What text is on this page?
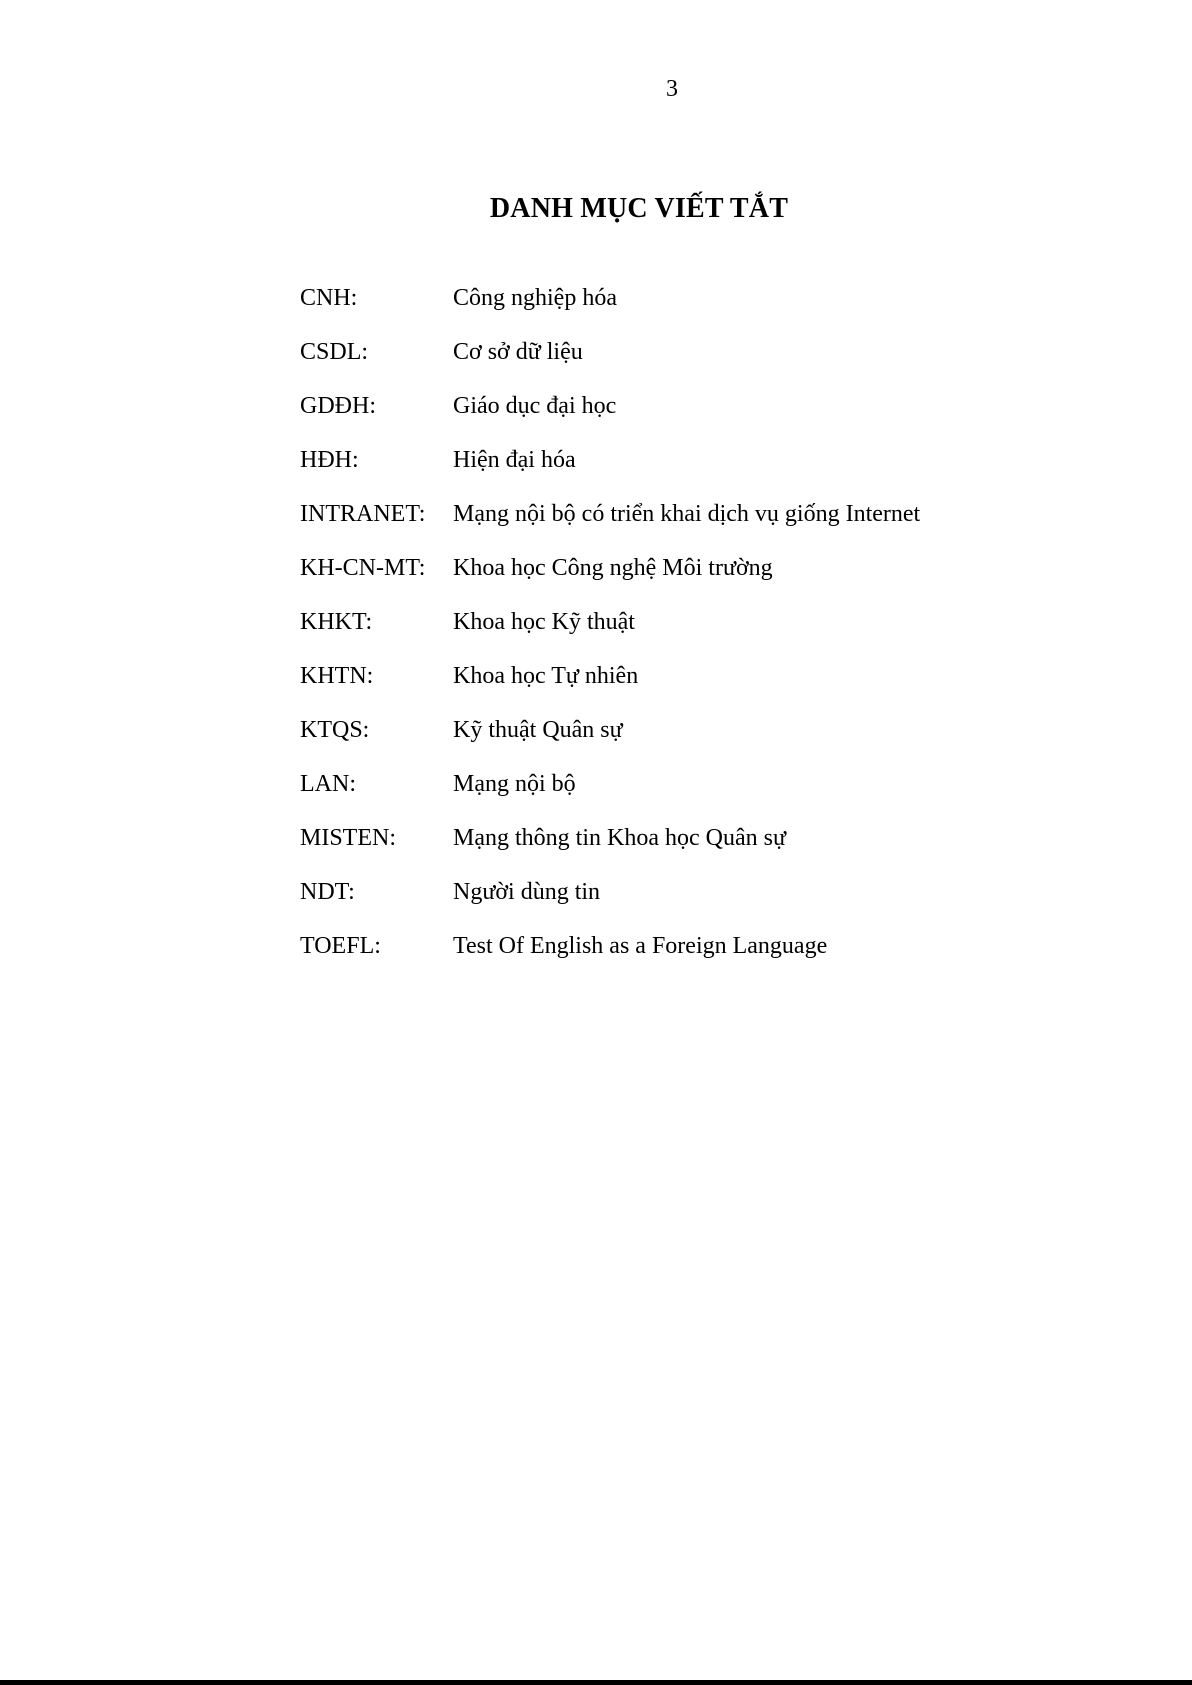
3
DANH MỤC VIẾT TẮT
CNH:	Công nghiệp hóa
CSDL:	Cơ sở dữ liệu
GDĐH:	Giáo dục đại học
HĐH:	Hiện đại hóa
INTRANET: Mạng nội bộ có triển khai dịch vụ giống Internet
KH-CN-MT: Khoa học Công nghệ Môi trường
KHKT:	Khoa học Kỹ thuật
KHTN:	Khoa học Tự nhiên
KTQS:	Kỹ thuật Quân sự
LAN:	Mạng nội bộ
MISTEN: Mạng thông tin Khoa học Quân sự
NDT:	Người dùng tin
TOEFL:	Test Of English as a Foreign Language
